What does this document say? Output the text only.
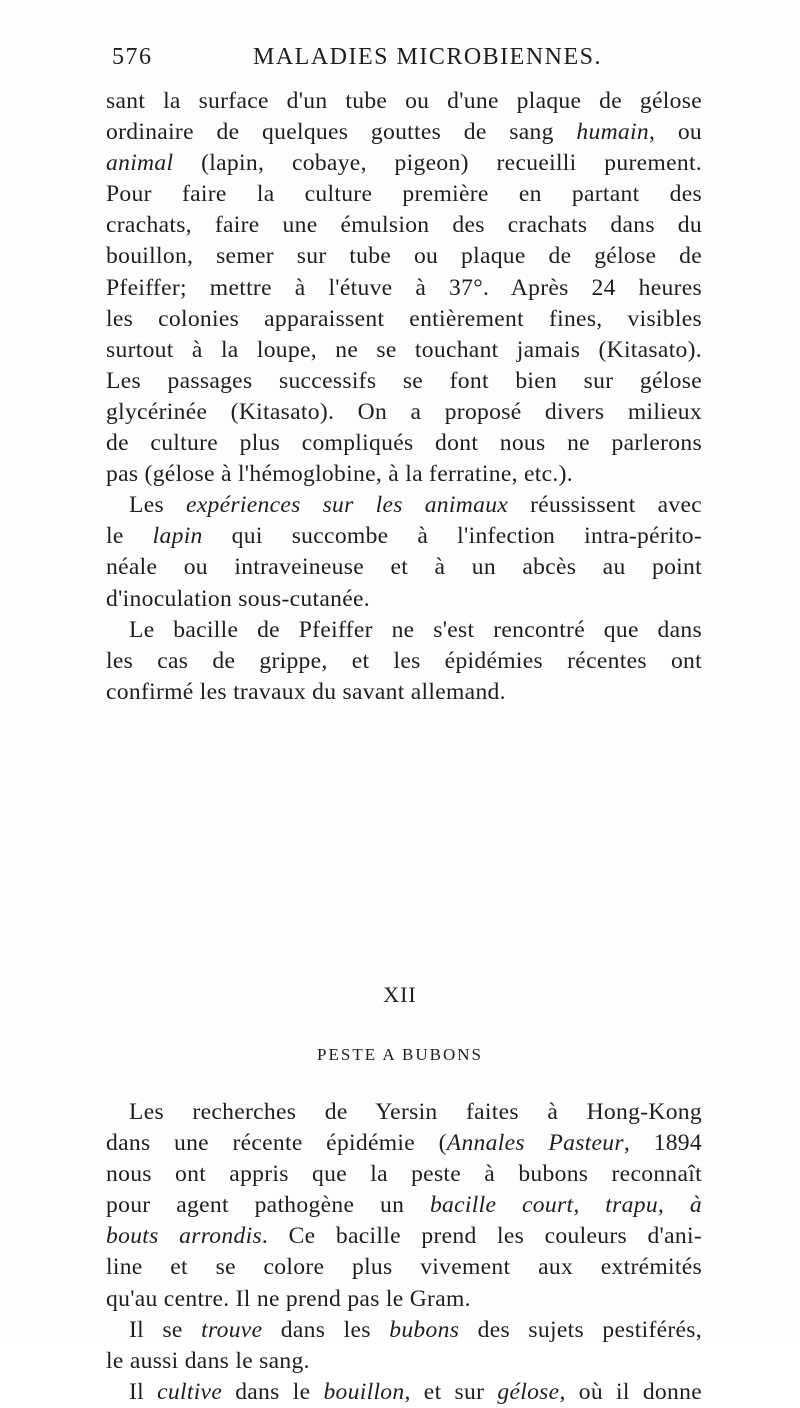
576	MALADIES MICROBIENNES.
sant la surface d'un tube ou d'une plaque de gélose
ordinaire de quelques gouttes de sang humain, ou
animal (lapin, cobaye, pigeon) recueilli purement.
Pour faire la culture première en partant des
crachats, faire une émulsion des crachats dans du
bouillon, semer sur tube ou plaque de gélose de
Pfeiffer; mettre à l'étuve à 37°. Après 24 heures
les colonies apparaissent entièrement fines, visibles
surtout à la loupe, ne se touchant jamais (Kitasato).
Les passages successifs se font bien sur gélose
glycérinée (Kitasato). On a proposé divers milieux
de culture plus compliqués dont nous ne parlerons
pas (gélose à l'hémoglobine, à la ferratine, etc.).
Les expériences sur les animaux réussissent avec
le lapin qui succombe à l'infection intra-périto-
néale ou intraveineuse et à un abcès au point
d'inoculation sous-cutanée.
Le bacille de Pfeiffer ne s'est rencontré que dans
les cas de grippe, et les épidémies récentes ont
confirmé les travaux du savant allemand.
XII
PESTE A BUBONS
Les recherches de Yersin faites à Hong-Kong
dans une récente épidémie (Annales Pasteur, 1894
nous ont appris que la peste à bubons reconnaît
pour agent pathogène un bacille court, trapu, à
bouts arrondis. Ce bacille prend les couleurs d'ani-
line et se colore plus vivement aux extrémités
qu'au centre. Il ne prend pas le Gram.
Il se trouve dans les bubons des sujets pestiférés,
le aussi dans le sang.
Il cultive dans le bouillon, et sur gélose, où il donne
